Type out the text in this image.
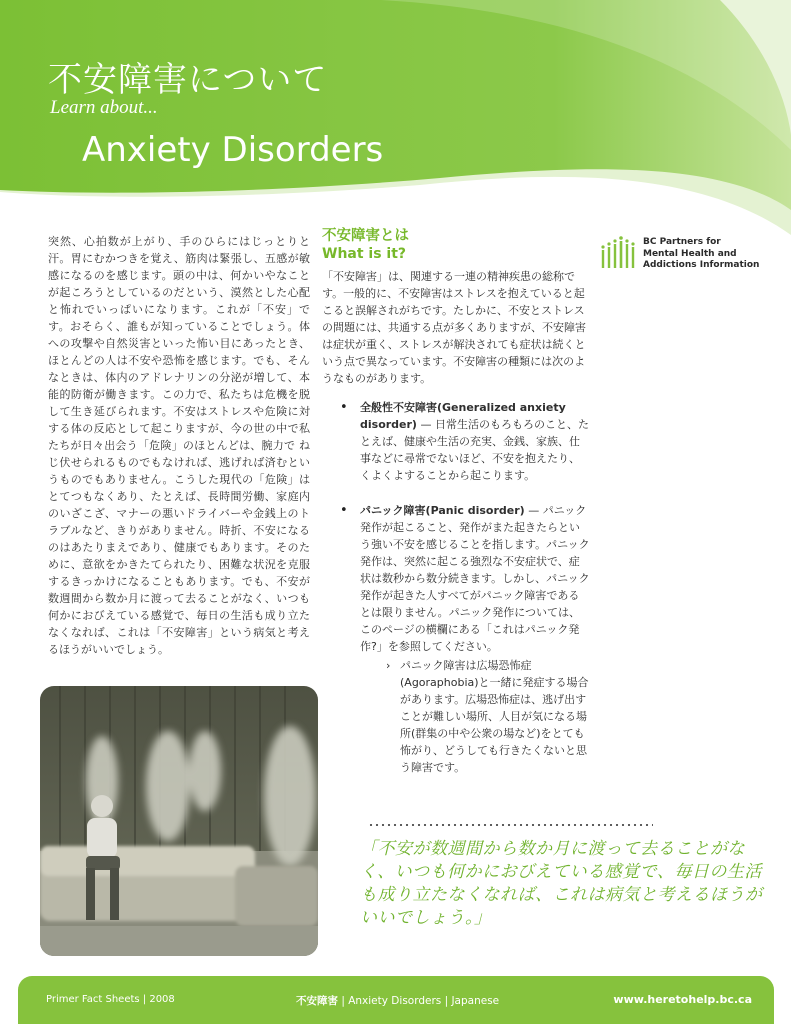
不安障害について
Learn about...
Anxiety Disorders
BC Partners for
Mental Health and
Addictions Information

突然、心拍数が上がり、手のひらにはじっとりと汗。胃にむかつきを覚え、筋肉は緊張し、五感が敏感になるのを感じます。頭の中は、何かいやなことが起ころうとしているのだという、漠然とした心配と怖れでいっぱいになります。これが「不安」です。おそらく、誰もが知っていることでしょう。体への攻撃や自然災害といった怖い目にあったとき、ほとんどの人は不安や恐怖を感じます。でも、そんなときは、体内のアドレナリンの分泌が増して、本能的防衛が働きます。この力で、私たちは危機を脱して生き延びられます。不安はストレスや危険に対する体の反応として起こりますが、今の世の中で私たちが日々出会う「危険」のほとんどは、腕力で ねじ伏せられるものでもなければ、逃げれば済むというものでもありません。こうした現代の「危険」はとてつもなくあり、たとえば、長時間労働、家庭内のいざこざ、マナーの悪いドライバーや金銭上のトラブルなど、きりがありません。時折、不安になるのはあたりまえであり、健康でもあります。そのために、意欲をかきたてられたり、困難な状況を克服するきっかけになることもあります。でも、不安が数週間から数か月に渡って去ることがなく、いつも何かにおびえている感覚で、毎日の生活も成り立たなくなれば、これは「不安障害」という病気と考えるほうがいいでしょう。

不安障害とは
What is it?

「不安障害」は、関連する一連の精神疾患の総称です。一般的に、不安障害はストレスを抱えていると起こると誤解されがちです。たしかに、不安とストレスの問題には、共通する点が多くありますが、不安障害は症状が重く、ストレスが解決されても症状は続くという点で異なっています。不安障害の種類には次のようなものがあります。

• 全般性不安障害(Generalized anxiety disorder) — 日常生活のもろもろのこと、たとえば、健康や生活の充実、金銭、家族、仕事などに尋常でないほど、不安を抱えたり、くよくよすることから起こります。
• パニック障害(Panic disorder) — パニック発作が起こること、発作がまた起きたらという強い不安を感じることを指します。パニック発作は、突然に起こる強烈な不安症状で、症状は数秒から数分続きます。しかし、パニック発作が起きた人すべてがパニック障害であるとは限りません。パニック発作については、このページの横欄にある「これはパニック発作?」を参照してください。
› パニック障害は広場恐怖症(Agoraphobia)と一緒に発症する場合があります。広場恐怖症は、逃げ出すことが難しい場所、人目が気になる場所(群集の中や公衆の場など)をとても怖がり、どうしても行きたくないと思う障害です。

「不安が数週間から数か月に渡って去ることがなく、いつも何かにおびえている感覚で、毎日の生活も成り立たなくなれば、これは病気と考えるほうがいいでしょう。」

Primer Fact Sheets | 2008	不安障害 | Anxiety Disorders | Japanese	www.heretohelp.bc.ca
